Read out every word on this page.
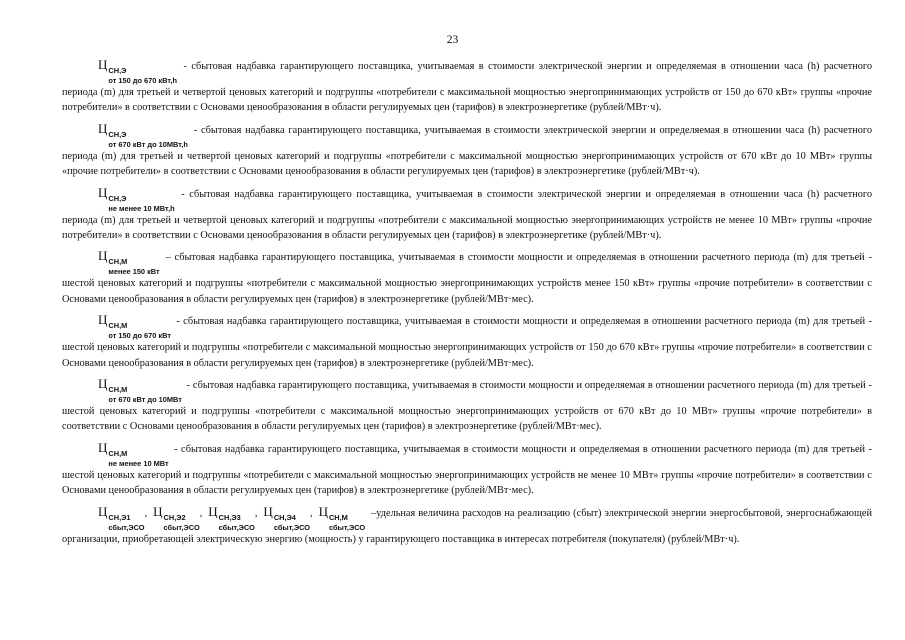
23

Ц СН,Э
от 150 до 670 кВт,h
- сбытовая надбавка гарантирующего поставщика, учитываемая в стоимости электрической энергии и определяемая в отношении часа (h) расчетного периода (m) для третьей и четвертой ценовых категорий и подгруппы «потребители с максимальной мощностью энергопринимающих устройств от 150 до 670 кВт» группы «прочие потребители» в соответствии с Основами ценообразования в области регулируемых цен (тарифов) в электроэнергетике (рублей/МВт·ч).

Ц СН,Э
от 670 кВт до 10МВт,h
- сбытовая надбавка гарантирующего поставщика, учитываемая в стоимости электрической энергии и определяемая в отношении часа (h) расчетного периода (m) для третьей и четвертой ценовых категорий и подгруппы «потребители с максимальной мощностью энергопринимающих устройств от 670 кВт до 10 МВт» группы «прочие потребители» в соответствии с Основами ценообразования в области регулируемых цен (тарифов) в электроэнергетике (рублей/МВт·ч).

Ц СН,Э
не менее 10 МВт,h
- сбытовая надбавка гарантирующего поставщика, учитываемая в стоимости электрической энергии и определяемая в отношении часа (h) расчетного периода (m) для третьей и четвертой ценовых категорий и подгруппы «потребители с максимальной мощностью энергопринимающих устройств не менее 10 МВт» группы «прочие потребители» в соответствии с Основами ценообразования в области регулируемых цен (тарифов) в электроэнергетике (рублей/МВт·ч).

Ц СН,М
менее 150 кВт
– сбытовая надбавка гарантирующего поставщика, учитываемая в стоимости мощности и определяемая в отношении расчетного периода (m) для третьей - шестой ценовых категорий и подгруппы «потребители с максимальной мощностью энергопринимающих устройств менее 150 кВт» группы «прочие потребители» в соответствии с Основами ценообразования в области регулируемых цен (тарифов) в электроэнергетике (рублей/МВт·мес).

Ц СН,М
от 150 до 670 кВт
- сбытовая надбавка гарантирующего поставщика, учитываемая в стоимости мощности и определяемая в отношении расчетного периода (m) для третьей - шестой ценовых категорий и подгруппы «потребители с максимальной мощностью энергопринимающих устройств от 150 до 670 кВт» группы «прочие потребители» в соответствии с Основами ценообразования в области регулируемых цен (тарифов) в электроэнергетике (рублей/МВт·мес).

Ц СН,М
от 670 кВт до 10МВт
- сбытовая надбавка гарантирующего поставщика, учитываемая в стоимости мощности и определяемая в отношении расчетного периода (m) для третьей - шестой ценовых категорий и подгруппы «потребители с максимальной мощностью энергопринимающих устройств от 670 кВт до 10 МВт» группы «прочие потребители» в соответствии с Основами ценообразования в области регулируемых цен (тарифов) в электроэнергетике (рублей/МВт·мес).

Ц СН,М
не менее 10 МВт
- сбытовая надбавка гарантирующего поставщика, учитываемая в стоимости мощности и определяемая в отношении расчетного периода (m) для третьей - шестой ценовых категорий и подгруппы «потребители с максимальной мощностью энергопринимающих устройств не менее 10 МВт» группы «прочие потребители» в соответствии с Основами ценообразования в области регулируемых цен (тарифов) в электроэнергетике (рублей/МВт·мес).

Ц СН,Э1
сбыт,ЭСО
, Ц СН,Э2
сбыт,ЭСО
, Ц СН,Э3
сбыт,ЭСО
, Ц СН,Э4
сбыт,ЭСО
, Ц СН,М
сбыт,ЭСО
–удельная величина расходов на реализацию (сбыт) электрической энергии энергосбытовой, энергоснабжающей организации, приобретающей электрическую энергию (мощность) у гарантирующего поставщика в интересах потребителя (покупателя) (рублей/МВт·ч).
